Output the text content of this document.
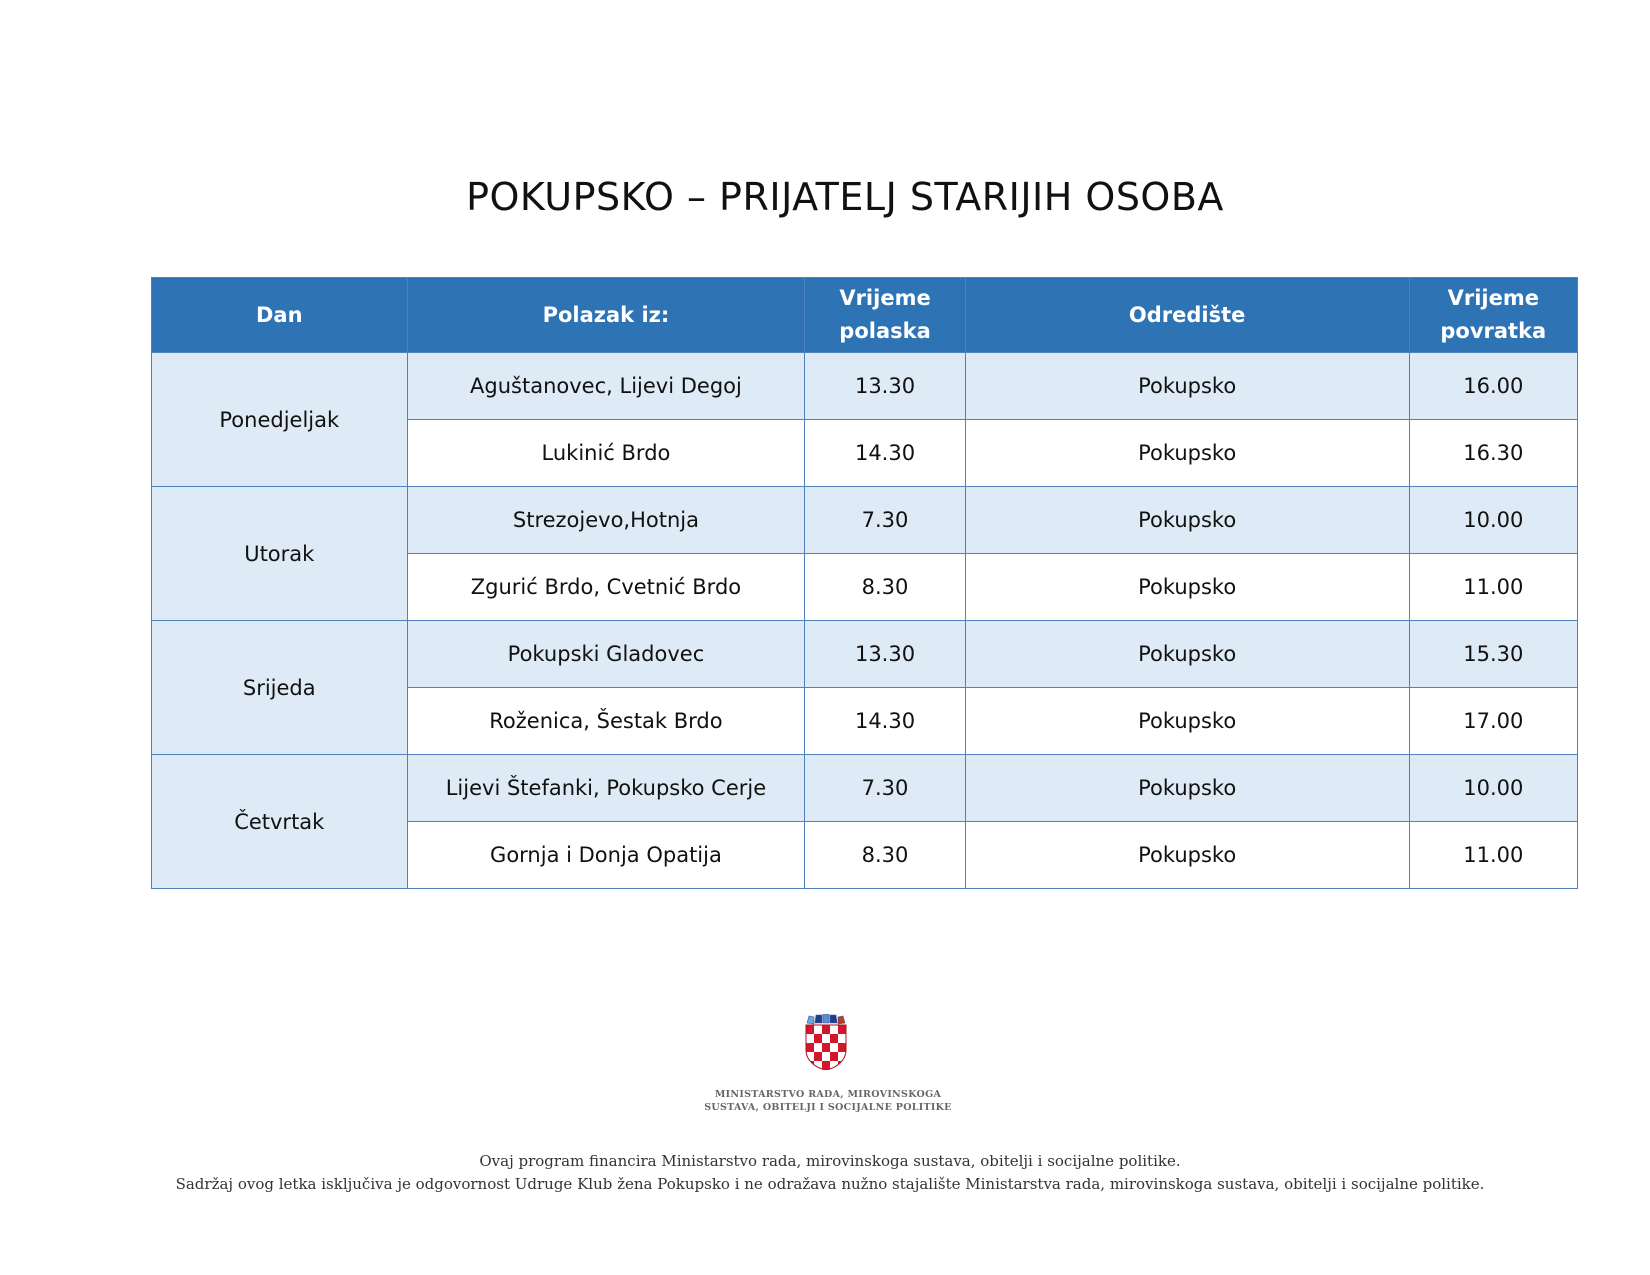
POKUPSKO – PRIJATELJ STARIJIH OSOBA
Dan	Polazak iz:	Vrijeme polaska	Odredište	Vrijeme povratka
Ponedjeljak	Aguštanovec, Lijevi Degoj	13.30	Pokupsko	16.00
	Lukinić Brdo	14.30	Pokupsko	16.30
Utorak	Strezojevo,Hotnja	7.30	Pokupsko	10.00
	Zgurić Brdo, Cvetnić Brdo	8.30	Pokupsko	11.00
Srijeda	Pokupski Gladovec	13.30	Pokupsko	15.30
	Roženica, Šestak Brdo	14.30	Pokupsko	17.00
Četvrtak	Lijevi Štefanki, Pokupsko Cerje	7.30	Pokupsko	10.00
	Gornja i Donja Opatija	8.30	Pokupsko	11.00
MINISTARSTVO RADA, MIROVINSKOGA
SUSTAVA, OBITELJI I SOCIJALNE POLITIKE
Ovaj program financira Ministarstvo rada, mirovinskoga sustava, obitelji i socijalne politike.
Sadržaj ovog letka isključiva je odgovornost Udruge Klub žena Pokupsko i ne odražava nužno stajalište Ministarstva rada, mirovinskoga sustava, obitelji i socijalne politike.
